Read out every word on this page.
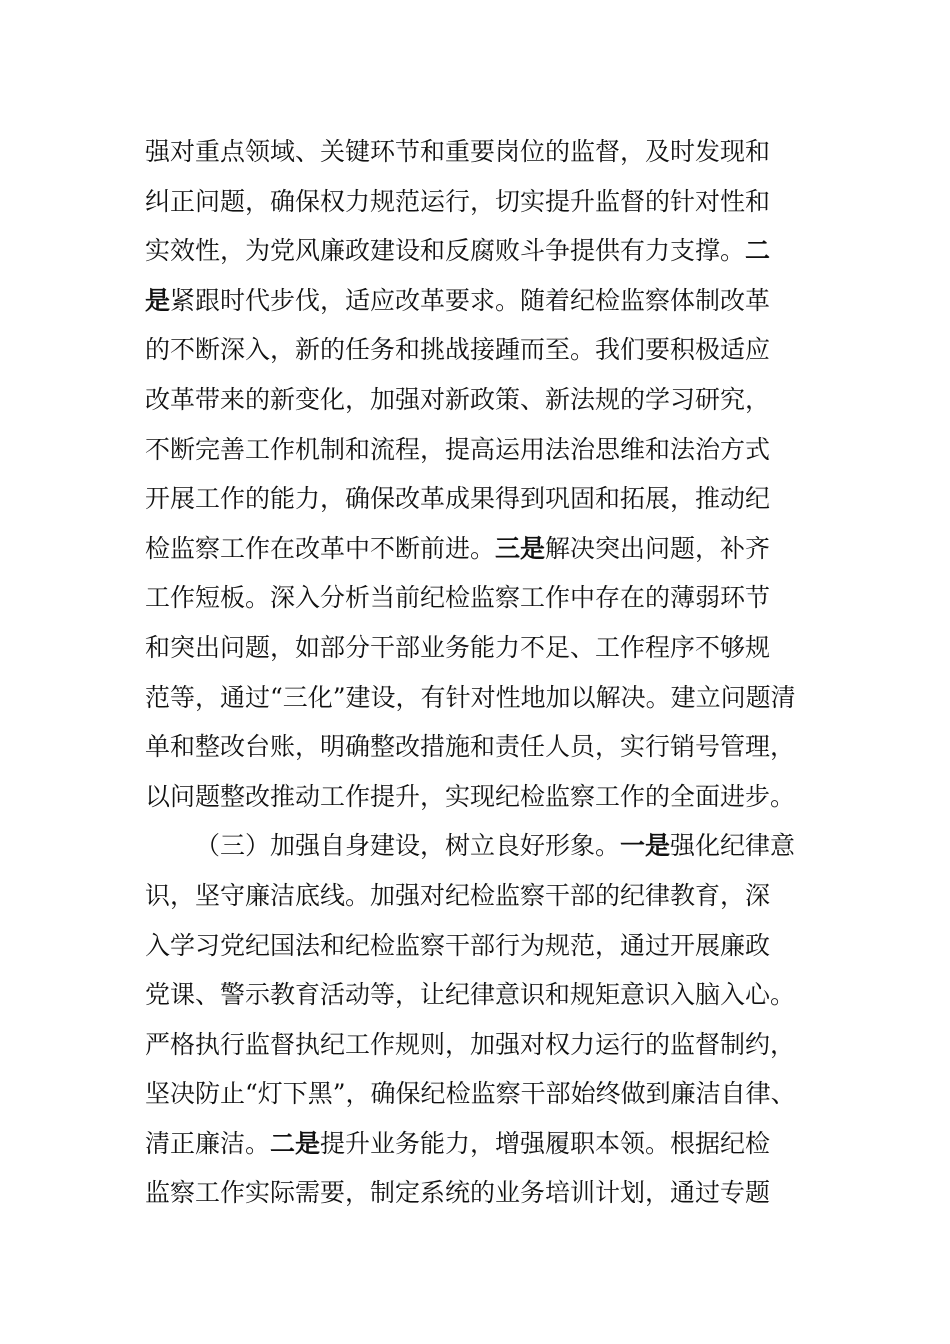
强对重点领域、关键环节和重要岗位的监督，及时发现和
纠正问题，确保权力规范运行，切实提升监督的针对性和
实效性，为党风廉政建设和反腐败斗争提供有力支撑。二
是紧跟时代步伐，适应改革要求。随着纪检监察体制改革
的不断深入，新的任务和挑战接踵而至。我们要积极适应
改革带来的新变化，加强对新政策、新法规的学习研究，
不断完善工作机制和流程，提高运用法治思维和法治方式
开展工作的能力，确保改革成果得到巩固和拓展，推动纪
检监察工作在改革中不断前进。三是解决突出问题，补齐
工作短板。深入分析当前纪检监察工作中存在的薄弱环节
和突出问题，如部分干部业务能力不足、工作程序不够规
范等，通过“三化”建设，有针对性地加以解决。建立问题清
单和整改台账，明确整改措施和责任人员，实行销号管理，
以问题整改推动工作提升，实现纪检监察工作的全面进步。
（三）加强自身建设，树立良好形象。一是强化纪律意
识，坚守廉洁底线。加强对纪检监察干部的纪律教育，深
入学习党纪国法和纪检监察干部行为规范，通过开展廉政
党课、警示教育活动等，让纪律意识和规矩意识入脑入心。
严格执行监督执纪工作规则，加强对权力运行的监督制约，
坚决防止“灯下黑”，确保纪检监察干部始终做到廉洁自律、
清正廉洁。二是提升业务能力，增强履职本领。根据纪检
监察工作实际需要，制定系统的业务培训计划，通过专题
